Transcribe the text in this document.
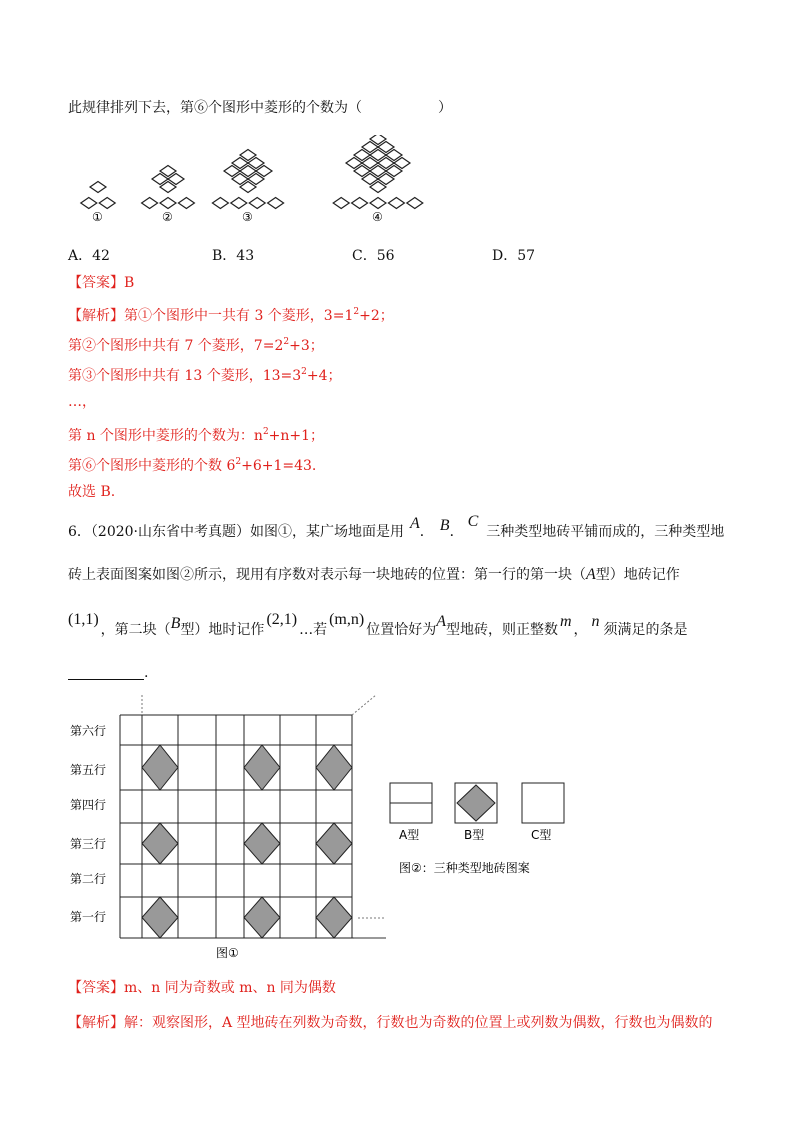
此规律排列下去，第⑥个图形中菱形的个数为（	）
①	②	③	④
A．42	B．43	C．56	D．57
【答案】B
【解析】第①个图形中一共有 3 个菱形，$3=1^2+2$；
第②个图形中共有 7 个菱形，$7=2^2+3$；
第③个图形中共有 13 个菱形，$13=3^2+4$；
…，
第 n 个图形中菱形的个数为：$n^2+n+1$；
第⑥个图形中菱形的个数 $6^2+6+1=43$.
故选 B.
6．（2020·山东省中考真题）如图①，某广场地面是用 A． B．C三种类型地砖平铺而成的，三种类型地
砖上表面图案如图②所示，现用有序数对表示每一块地砖的位置：第一行的第一块（A型）地砖记作
(1,1)，第二块（B型）地时记作(2,1)…若(m,n)位置恰好为A型地砖，则正整数 m ， n 须满足的条是
.
第六行
第五行
第四行
第三行
第二行
第一行
图①
A型	B型	C型
图②：三种类型地砖图案
【答案】m、n 同为奇数或 m、n 同为偶数
【解析】解：观察图形，A 型地砖在列数为奇数，行数也为奇数的位置上或列数为偶数，行数也为偶数的
